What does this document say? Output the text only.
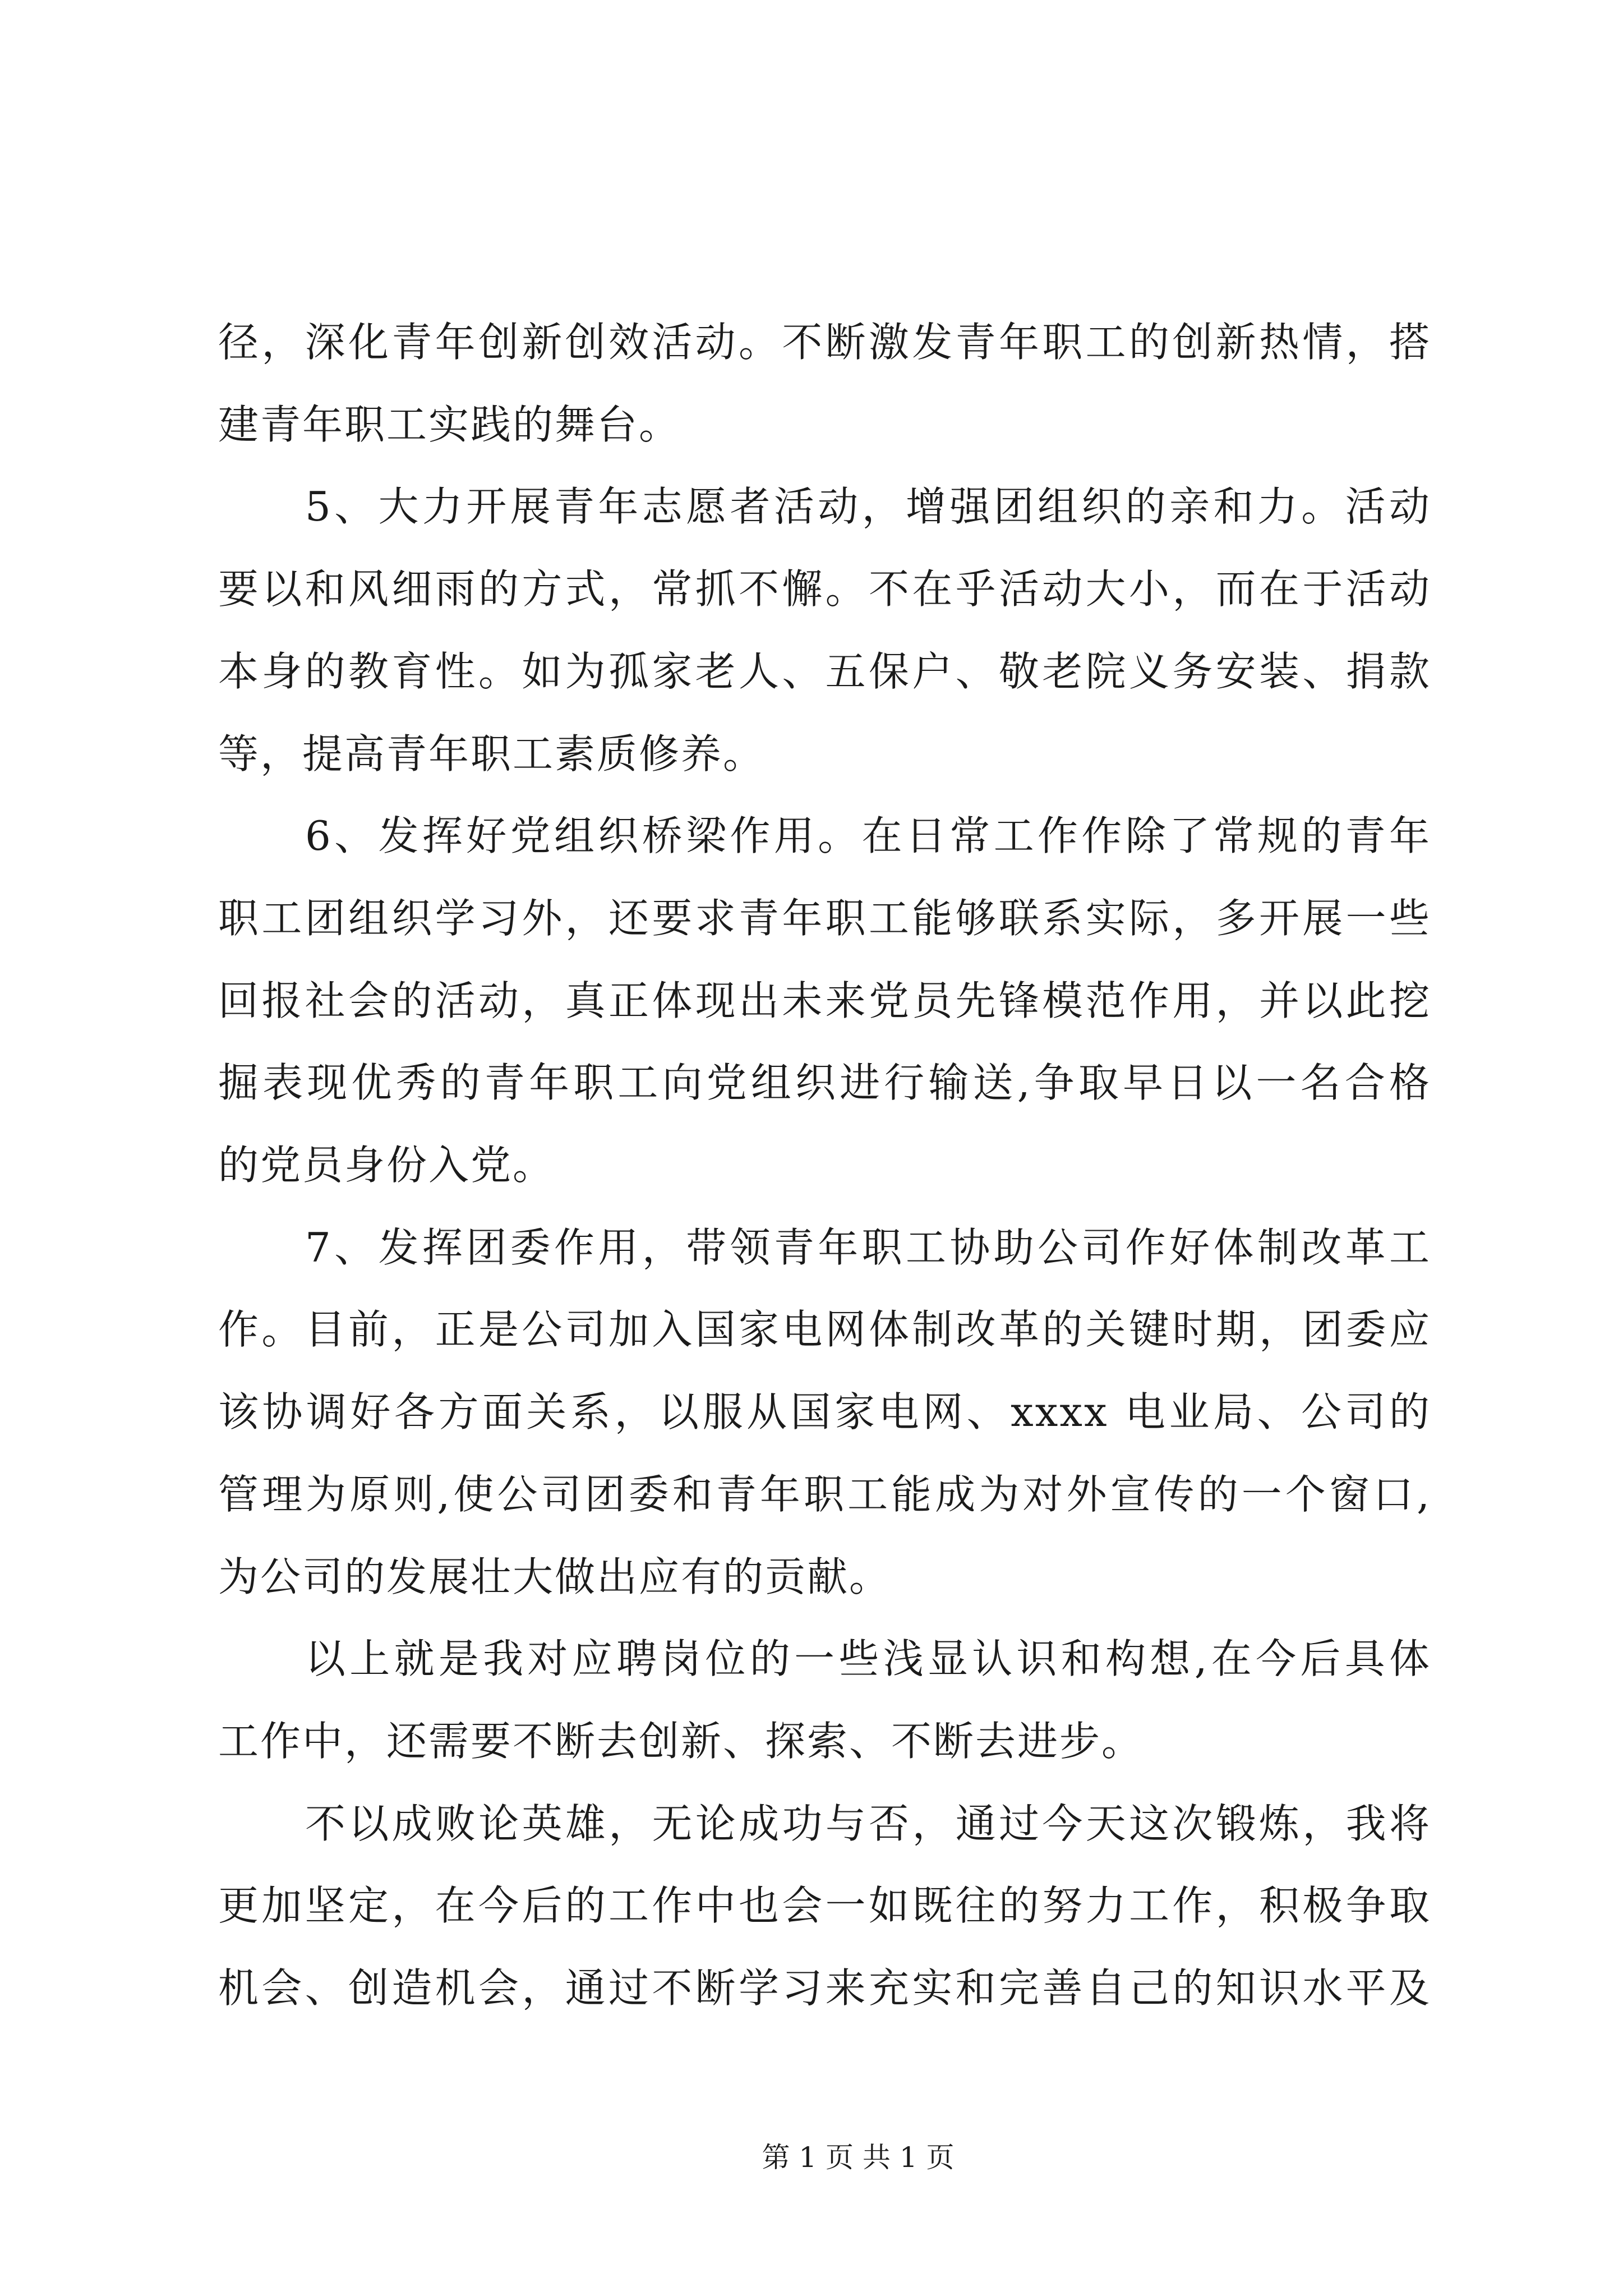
径，深化青年创新创效活动。不断激发青年职工的创新热情，搭
建青年职工实践的舞台。
5、大力开展青年志愿者活动，增强团组织的亲和力。活动
要以和风细雨的方式，常抓不懈。不在乎活动大小，而在于活动
本身的教育性。如为孤家老人、五保户、敬老院义务安装、捐款
等，提高青年职工素质修养。
6、发挥好党组织桥梁作用。在日常工作作除了常规的青年
职工团组织学习外，还要求青年职工能够联系实际，多开展一些
回报社会的活动，真正体现出未来党员先锋模范作用，并以此挖
掘表现优秀的青年职工向党组织进行输送,争取早日以一名合格
的党员身份入党。
7、发挥团委作用，带领青年职工协助公司作好体制改革工
作。目前，正是公司加入国家电网体制改革的关键时期，团委应
该协调好各方面关系，以服从国家电网、xxxx 电业局、公司的
管理为原则,使公司团委和青年职工能成为对外宣传的一个窗口,
为公司的发展壮大做出应有的贡献。
以上就是我对应聘岗位的一些浅显认识和构想,在今后具体
工作中，还需要不断去创新、探索、不断去进步。
不以成败论英雄，无论成功与否，通过今天这次锻炼，我将
更加坚定，在今后的工作中也会一如既往的努力工作，积极争取
机会、创造机会，通过不断学习来充实和完善自己的知识水平及
第 1 页 共 1 页
